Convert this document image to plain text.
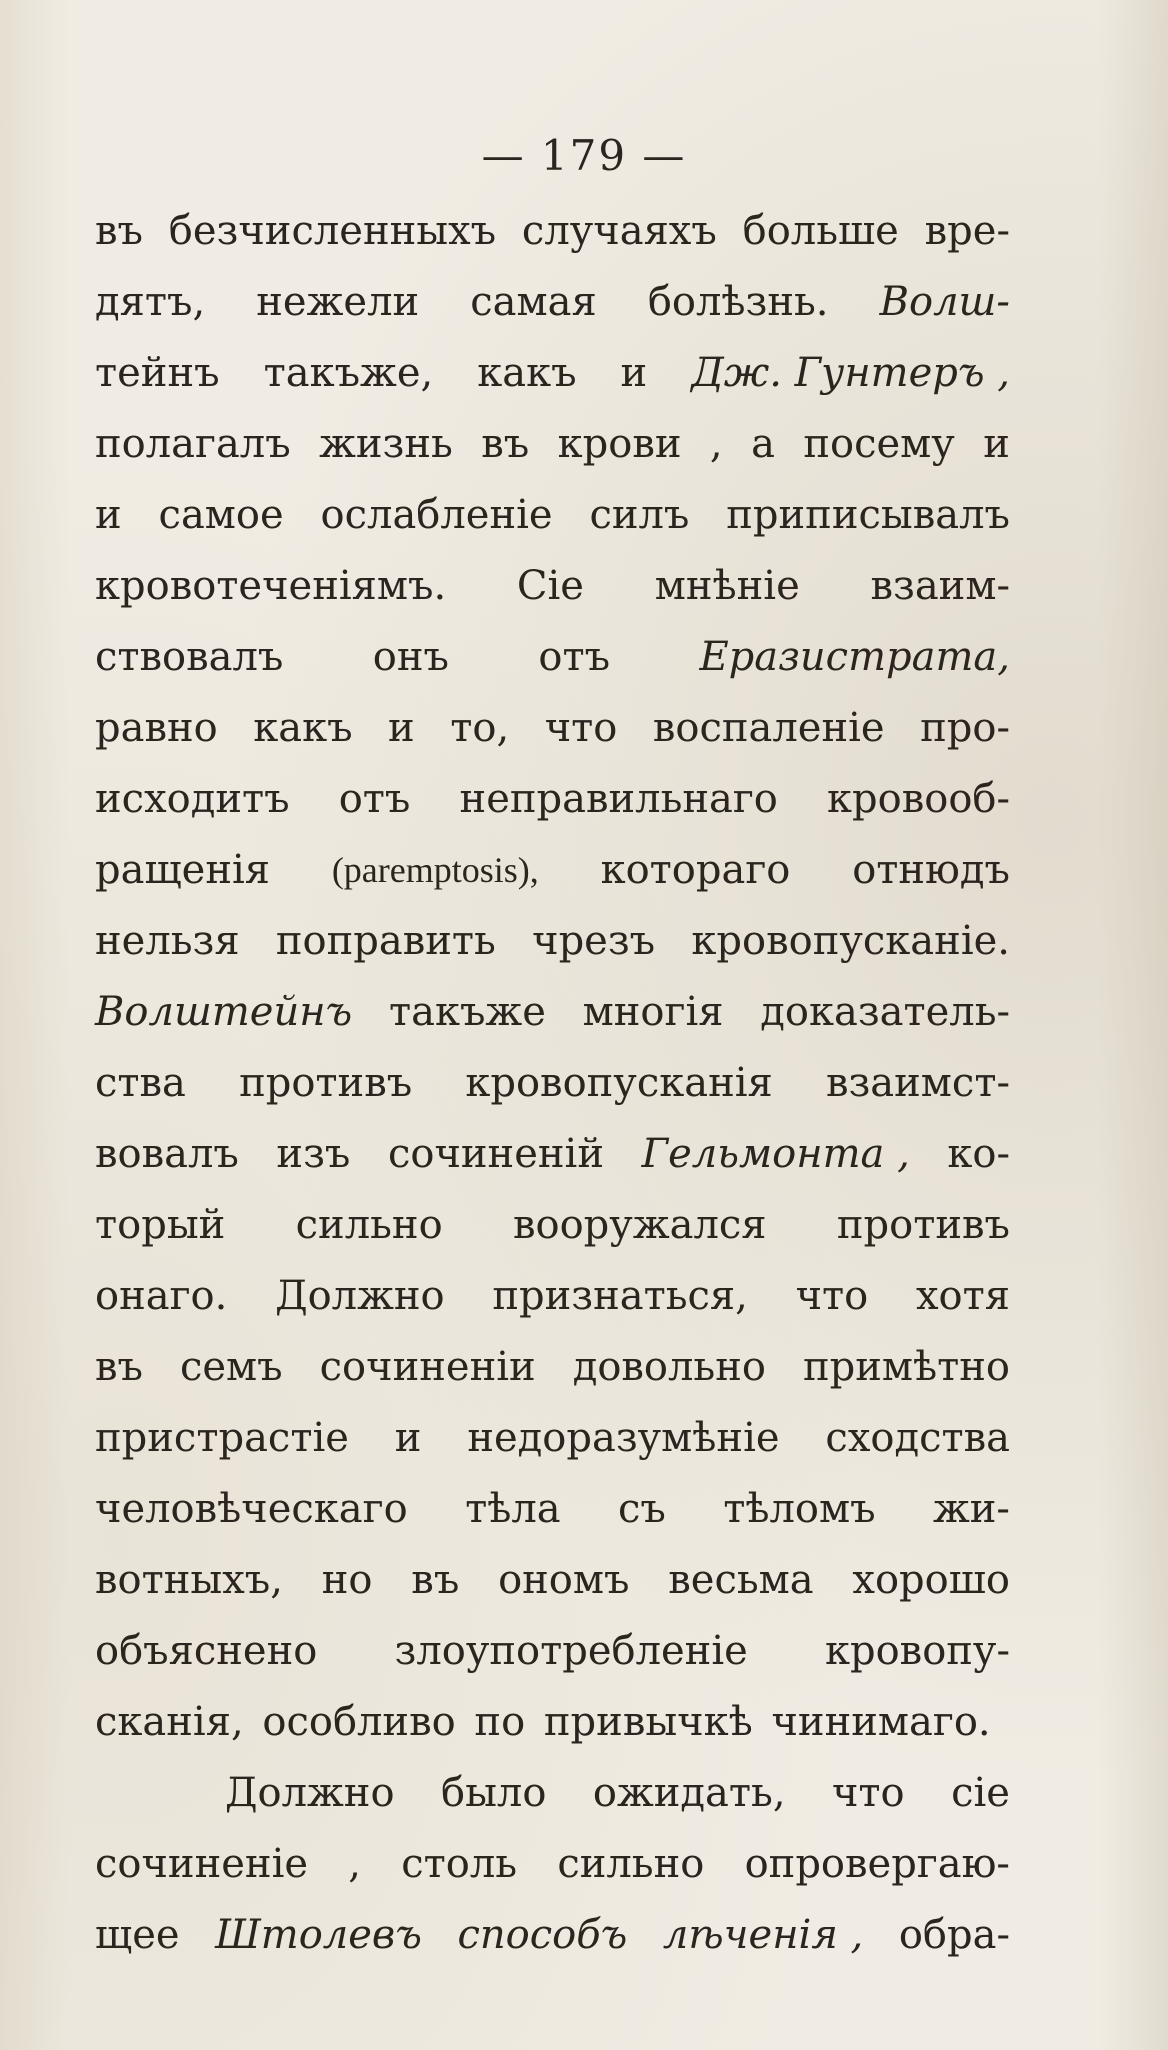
— 179 —
въ безчисленныхъ случаяхъ больше вре-
дятъ, нежели самая болѣзнь. Волш-
тейнъ такъже, какъ и Дж. Гунтеръ ,
полагалъ жизнь въ крови , а посему и
и самое ослабленіе силъ приписывалъ
кровотеченіямъ. Сіе мнѣніе взаим-
ствовалъ онъ отъ Еразистрата,
равно какъ и то, что воспаленіе про-
исходитъ отъ неправильнаго кровооб-
ращенія (paremptosis), которaго отнюдъ
нельзя поправить чрезъ кровопусканіе.
Волштейнъ такъже многія доказатель-
ства противъ кровопусканія взаимст-
вовалъ изъ сочиненій Гельмонта , ко-
торый сильно вооружался противъ
онаго. Должно признаться, что хотя
въ семъ сочиненіи довольно примѣтно
пристрастіе и недоразумѣніе сходства
человѣческаго тѣла съ тѣломъ жи-
вотныхъ, но въ ономъ весьма хорошо
объяснено злоупотребленіе кровопу-
сканія,
особливо
по
привычкѣ
чинимаго.
Должно было ожидать, что сіе
сочиненіе , столь сильно опровергаю-
щее Штолевъ способъ лѣченія , обра-
